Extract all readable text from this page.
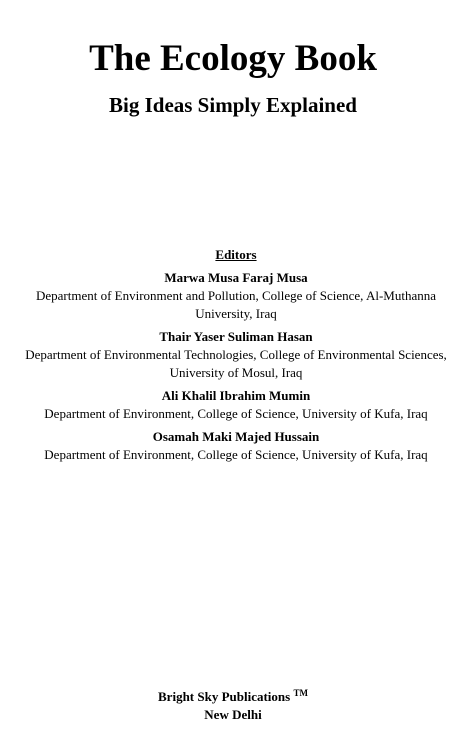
The Ecology Book
Big Ideas Simply Explained

Editors

Marwa Musa Faraj Musa

Department of Environment and Pollution, College of Science, Al-Muthanna University, Iraq

Thair Yaser Suliman Hasan

Department of Environmental Technologies, College of Environmental Sciences, University of Mosul, Iraq

Ali Khalil Ibrahim Mumin

Department of Environment, College of Science, University of Kufa, Iraq

Osamah Maki Majed Hussain

Department of Environment, College of Science, University of Kufa, Iraq

Bright Sky Publications ™

New Delhi
